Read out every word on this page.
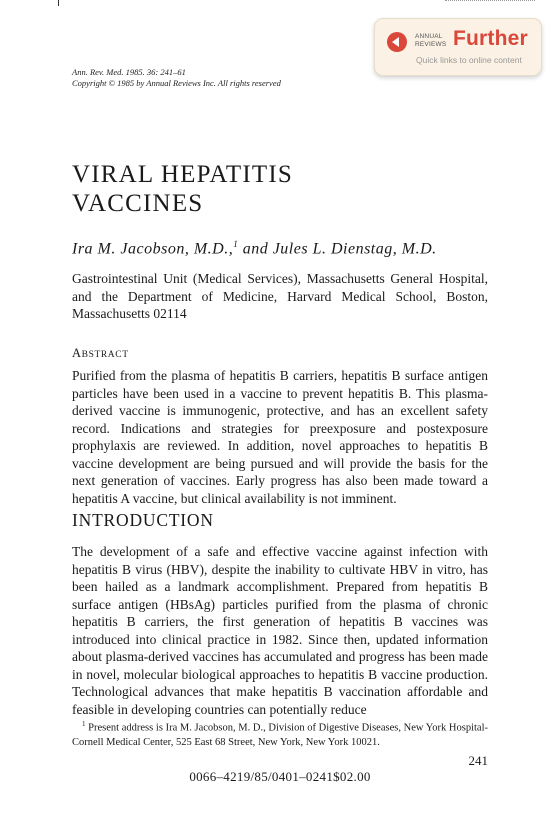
ANNUAL
REVIEWS Further
Quick links to online content
Ann. Rev. Med. 1985. 36: 241–61
Copyright © 1985 by Annual Reviews Inc. All rights reserved
VIRAL HEPATITIS
VACCINES
Ira M. Jacobson, M.D.,$^1$ and Jules L. Dienstag, M.D.
Gastrointestinal Unit (Medical Services), Massachusetts General Hospital, and the Department of Medicine, Harvard Medical School, Boston, Massachusetts 02114
ABSTRACT
Purified from the plasma of hepatitis B carriers, hepatitis B surface antigen particles have been used in a vaccine to prevent hepatitis B. This plasma-derived vaccine is immunogenic, protective, and has an excellent safety record. Indications and strategies for preexposure and postexposure prophylaxis are reviewed. In addition, novel approaches to hepatitis B vaccine development are being pursued and will provide the basis for the next generation of vaccines. Early progress has also been made toward a hepatitis A vaccine, but clinical availability is not imminent.
INTRODUCTION
The development of a safe and effective vaccine against infection with hepatitis B virus (HBV), despite the inability to cultivate HBV in vitro, has been hailed as a landmark accomplishment. Prepared from hepatitis B surface antigen (HBsAg) particles purified from the plasma of chronic hepatitis B carriers, the first generation of hepatitis B vaccines was introduced into clinical practice in 1982. Since then, updated information about plasma-derived vaccines has accumulated and progress has been made in novel, molecular biological approaches to hepatitis B vaccine production. Technological advances that make hepatitis B vaccination affordable and feasible in developing countries can potentially reduce
$^1$ Present address is Ira M. Jacobson, M. D., Division of Digestive Diseases, New York Hospital-Cornell Medical Center, 525 East 68 Street, New York, New York 10021.
241
0066–4219/85/0401–0241$02.00
